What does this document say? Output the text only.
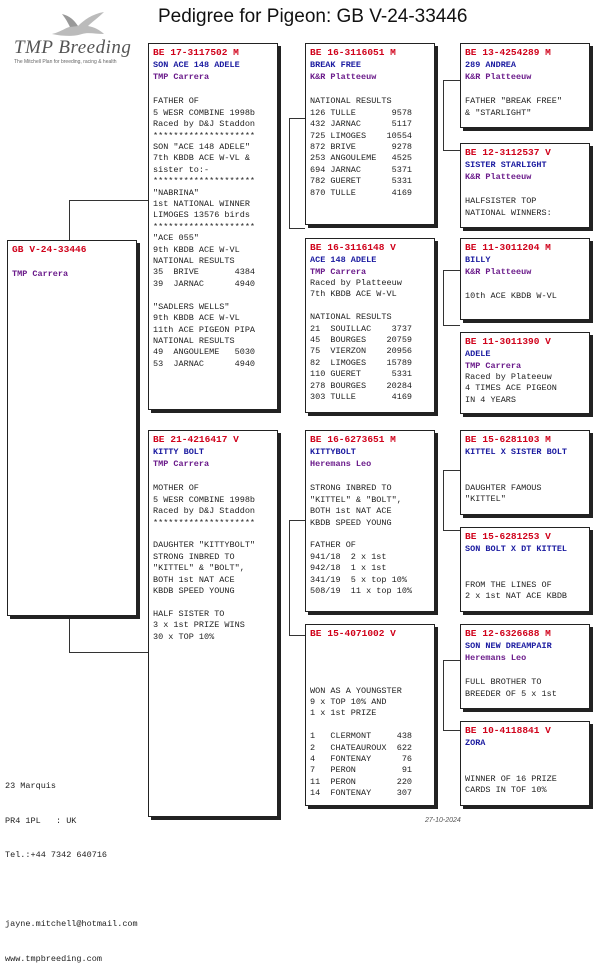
Pedigree for Pigeon: GB V-24-33446
TMP Breeding
The Mitchell Plan for breeding, racing & health
GB V-24-33446
TMP Carrera
BE 17-3117502 M
SON ACE 148 ADELE
TMP Carrera
FATHER OF
5 WESR COMBINE 1998b
Raced by D&J Staddon
********************
SON "ACE 148 ADELE"
7th KBDB ACE W-VL &
sister to:-
********************
"NABRINA"
1st NATIONAL WINNER
LIMOGES 13576 birds
********************
"ACE 055"
9th KBDB ACE W-VL
NATIONAL RESULTS
35  BRIVE       4384
39  JARNAC      4940
"SADLERS WELLS"
9th KBDB ACE W-VL
11th ACE PIGEON PIPA
NATIONAL RESULTS
49  ANGOULEME   5030
53  JARNAC      4940
BE 21-4216417 V
KITTY BOLT
TMP Carrera
MOTHER OF
5 WESR COMBINE 1998b
Raced by D&J Staddon
********************
DAUGHTER "KITTYBOLT"
STRONG INBRED TO
"KITTEL" & "BOLT",
BOTH 1st NAT ACE
KBDB SPEED YOUNG
HALF SISTER TO
3 x 1st PRIZE WINS
30 x TOP 10%
BE 16-3116051 M
BREAK FREE
K&R Platteeuw
NATIONAL RESULTS
126 TULLE       9578
432 JARNAC      5117
725 LIMOGES    10554
872 BRIVE       9278
253 ANGOULEME   4525
694 JARNAC      5371
782 GUERET      5331
870 TULLE       4169
BE 16-3116148 V
ACE 148 ADELE
TMP Carrera
Raced by Platteeuw
7th KBDB ACE W-VL
NATIONAL RESULTS
21  SOUILLAC    3737
45  BOURGES    20759
75  VIERZON    20956
82  LIMOGES    15789
110 GUERET      5331
278 BOURGES    20284
303 TULLE       4169
BE 16-6273651 M
KITTYBOLT
Heremans Leo
STRONG INBRED TO
"KITTEL" & "BOLT",
BOTH 1st NAT ACE
KBDB SPEED YOUNG
FATHER OF
941/18  2 x 1st
942/18  1 x 1st
341/19  5 x top 10%
508/19  11 x top 10%
BE 15-4071002 V
WON AS A YOUNGSTER
9 x TOP 10% AND
1 x 1st PRIZE
1   CLERMONT     438
2   CHATEAUROUX  622
4   FONTENAY      76
7   PERON         91
11  PERON        220
14  FONTENAY     307
BE 13-4254289 M
289 ANDREA
K&R Platteeuw
FATHER "BREAK FREE"
& "STARLIGHT"
BE 12-3112537 V
SISTER STARLIGHT
K&R Platteeuw
HALFSISTER TOP
NATIONAL WINNERS:
BE 11-3011204 M
BILLY
K&R Platteeuw
10th ACE KBDB W-VL
BE 11-3011390 V
ADELE
TMP Carrera
Raced by Plateeuw
4 TIMES ACE PIGEON
IN 4 YEARS
BE 15-6281103 M
KITTEL X SISTER BOLT
DAUGHTER FAMOUS
"KITTEL"
BE 15-6281253 V
SON BOLT X DT KITTEL
FROM THE LINES OF
2 x 1st NAT ACE KBDB
BE 12-6326688 M
SON NEW DREAMPAIR
Heremans Leo
FULL BROTHER TO
BREEDER OF 5 x 1st
BE 10-4118841 V
ZORA
WINNER OF 16 PRIZE
CARDS IN TOF 10%

23 Marquis

PR4 1PL   : UK

Tel.:+44 7342 640716

jayne.mitchell@hotmail.com

www.tmpbreeding.com

27-10-2024
